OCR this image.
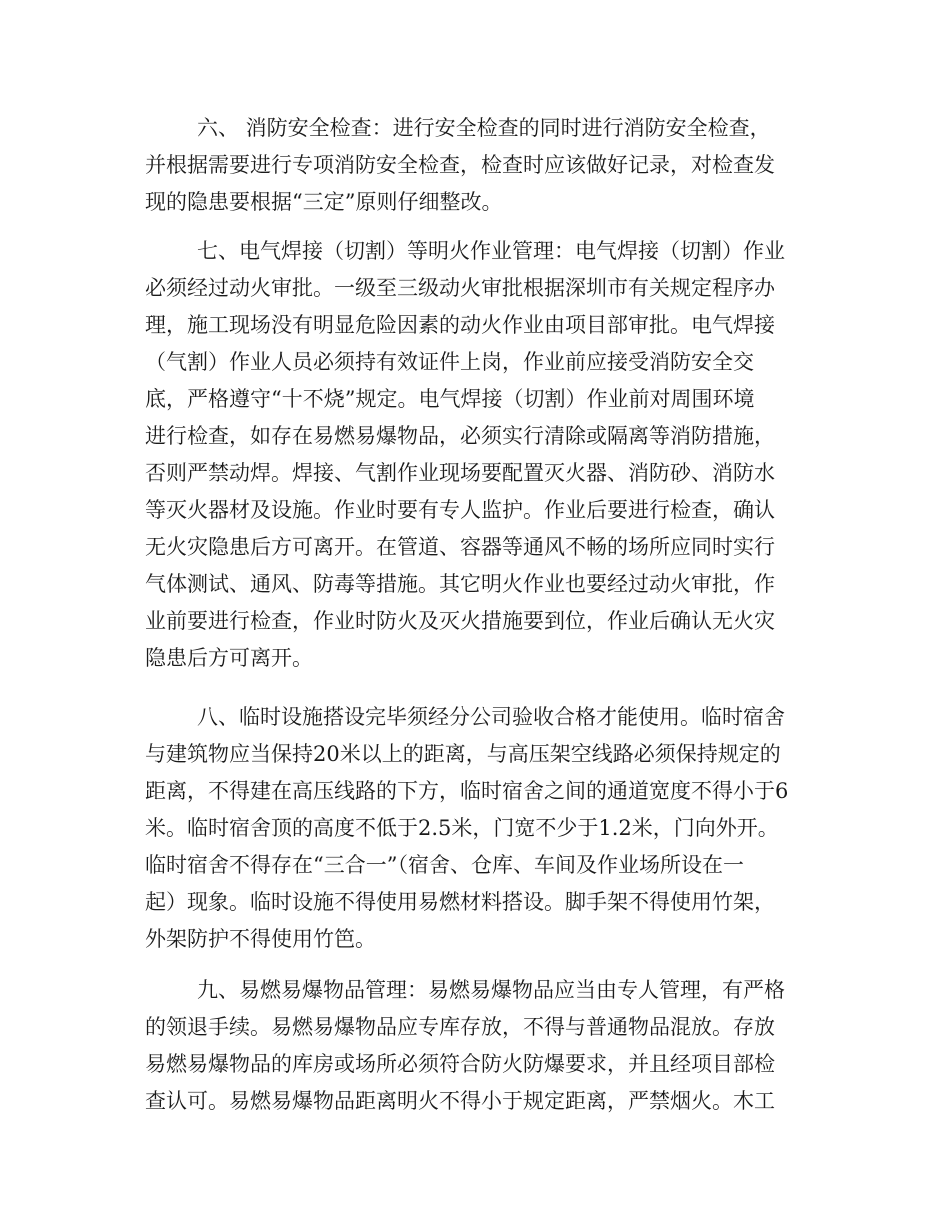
六、 消防安全检查：进行安全检查的同时进行消防安全检查，
并根据需要进行专项消防安全检查，检查时应该做好记录，对检查发
现的隐患要根据“三定”原则仔细整改。
七、电气焊接（切割）等明火作业管理：电气焊接（切割）作业
必须经过动火审批。一级至三级动火审批根据深圳市有关规定程序办
理，施工现场没有明显危险因素的动火作业由项目部审批。电气焊接
（气割）作业人员必须持有效证件上岗，作业前应接受消防安全交
底，严格遵守“十不烧”规定。电气焊接（切割）作业前对周围环境
进行检查，如存在易燃易爆物品，必须实行清除或隔离等消防措施，
否则严禁动焊。焊接、气割作业现场要配置灭火器、消防砂、消防水
等灭火器材及设施。作业时要有专人监护。作业后要进行检查，确认
无火灾隐患后方可离开。在管道、容器等通风不畅的场所应同时实行
气体测试、通风、防毒等措施。其它明火作业也要经过动火审批，作
业前要进行检查，作业时防火及灭火措施要到位，作业后确认无火灾
隐患后方可离开。
八、临时设施搭设完毕须经分公司验收合格才能使用。临时宿舍
与建筑物应当保持20米以上的距离，与高压架空线路必须保持规定的
距离，不得建在高压线路的下方，临时宿舍之间的通道宽度不得小于6
米。临时宿舍顶的高度不低于2.5米，门宽不少于1.2米，门向外开。
临时宿舍不得存在“三合一”（宿舍、仓库、车间及作业场所设在一
起）现象。临时设施不得使用易燃材料搭设。脚手架不得使用竹架，
外架防护不得使用竹笆。
九、易燃易爆物品管理：易燃易爆物品应当由专人管理，有严格
的领退手续。易燃易爆物品应专库存放，不得与普通物品混放。存放
易燃易爆物品的库房或场所必须符合防火防爆要求，并且经项目部检
查认可。易燃易爆物品距离明火不得小于规定距离，严禁烟火。木工
